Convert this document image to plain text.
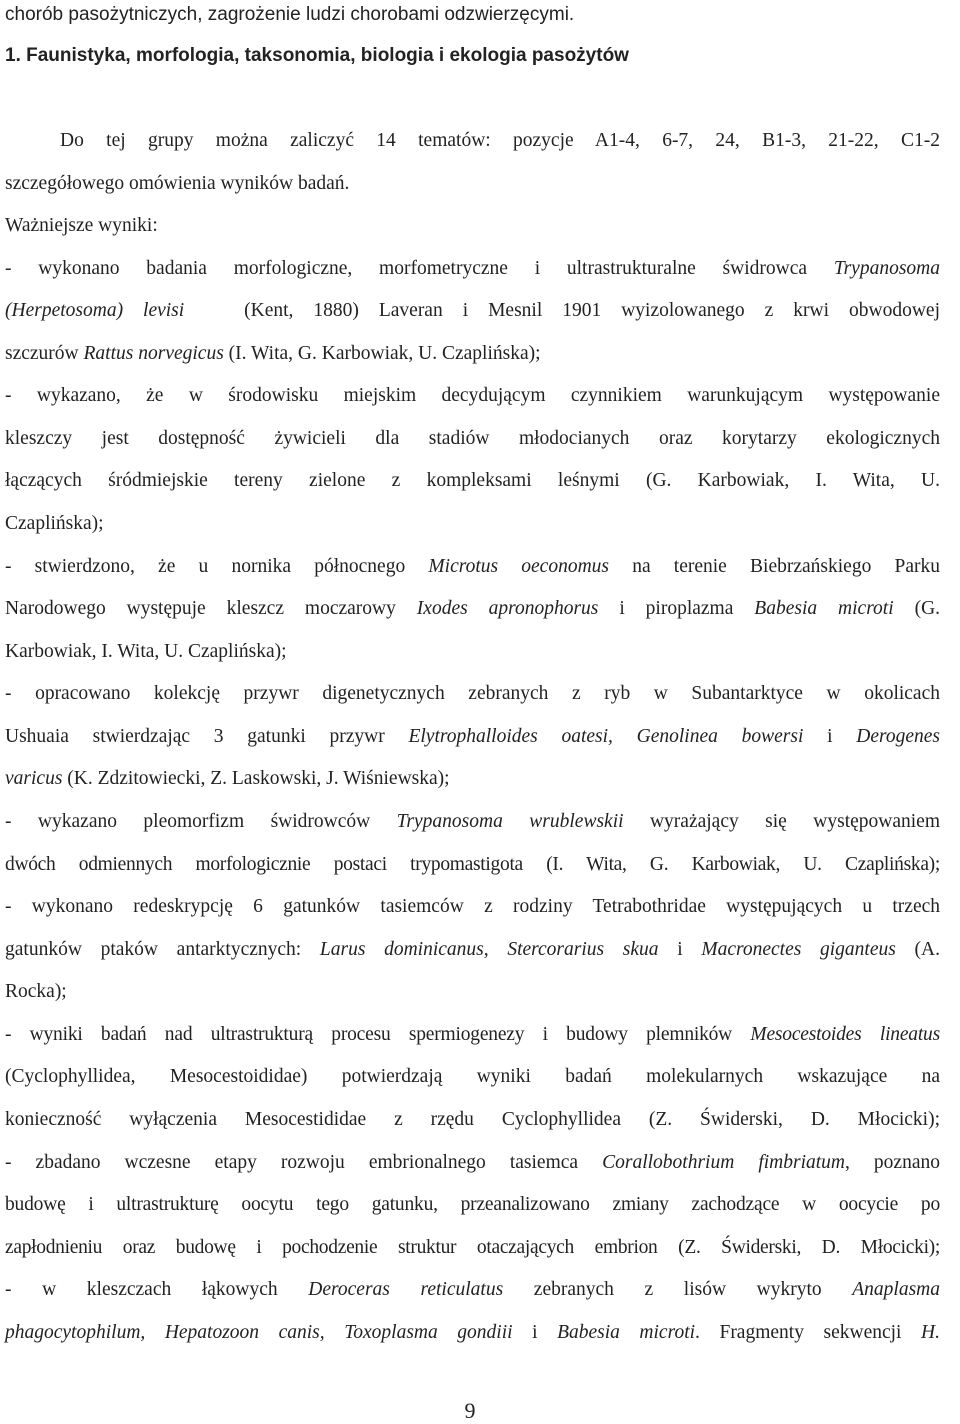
chorób pasożytniczych, zagrożenie ludzi chorobami odzwierzęcymi.
1. Faunistyka, morfologia, taksonomia, biologia i ekologia pasożytów
Do tej grupy można zaliczyć 14 tematów: pozycje A1-4, 6-7, 24, B1-3, 21-22, C1-2
szczegółowego omówienia wyników badań.
Ważniejsze wyniki:
- wykonano badania morfologiczne, morfometryczne i ultrastrukturalne świdrowca Trypanosoma
(Herpetosoma) levisi	(Kent, 1880) Laveran i Mesnil 1901 wyizolowanego z krwi obwodowej
szczurów Rattus norvegicus (I. Wita, G. Karbowiak, U. Czaplińska);
- wykazano, że w środowisku miejskim decydującym czynnikiem warunkującym występowanie
kleszczy jest dostępność żywicieli dla stadiów młodocianych oraz korytarzy ekologicznych
łączących śródmiejskie tereny zielone z kompleksami leśnymi (G. Karbowiak, I. Wita, U.
Czaplińska);
- stwierdzono, że u nornika północnego Microtus oeconomus na terenie Biebrzańskiego Parku
Narodowego występuje kleszcz moczarowy Ixodes apronophorus i piroplazma Babesia microti (G.
Karbowiak, I. Wita, U. Czaplińska);
- opracowano kolekcję przywr digenetycznych zebranych z ryb w Subantarktyce w okolicach
Ushuaia stwierdzając 3 gatunki przywr Elytrophalloides oatesi, Genolinea bowersi i Derogenes
varicus (K. Zdzitowiecki, Z. Laskowski, J. Wiśniewska);
- wykazano pleomorfizm świdrowców Trypanosoma wrublewskii wyrażający się występowaniem
dwóch odmiennych morfologicznie postaci trypomastigota (I. Wita, G. Karbowiak, U. Czaplińska);
- wykonano redeskrypcję 6 gatunków tasiemców z rodziny Tetrabothridae występujących u trzech
gatunków ptaków antarktycznych: Larus dominicanus, Stercorarius skua i Macronectes giganteus (A.
Rocka);
- wyniki badań nad ultrastrukturą procesu spermiogenezy i budowy plemników Mesocestoides lineatus
(Cyclophyllidea, Mesocestoididae) potwierdzają wyniki badań molekularnych wskazujące na
konieczność wyłączenia Mesocestididae z rzędu Cyclophyllidea (Z. Świderski, D. Młocicki);
- zbadano wczesne etapy rozwoju embrionalnego tasiemca Corallobothrium fimbriatum, poznano
budowę i ultrastrukturę oocytu tego gatunku, przeanalizowano zmiany zachodzące w oocycie po
zapłodnieniu oraz budowę i pochodzenie struktur otaczających embrion (Z. Świderski, D. Młocicki);
- w kleszczach łąkowych Deroceras reticulatus zebranych z lisów wykryto Anaplasma
phagocytophilum, Hepatozoon canis, Toxoplasma gondiii i Babesia microti. Fragmenty sekwencji H.
9
